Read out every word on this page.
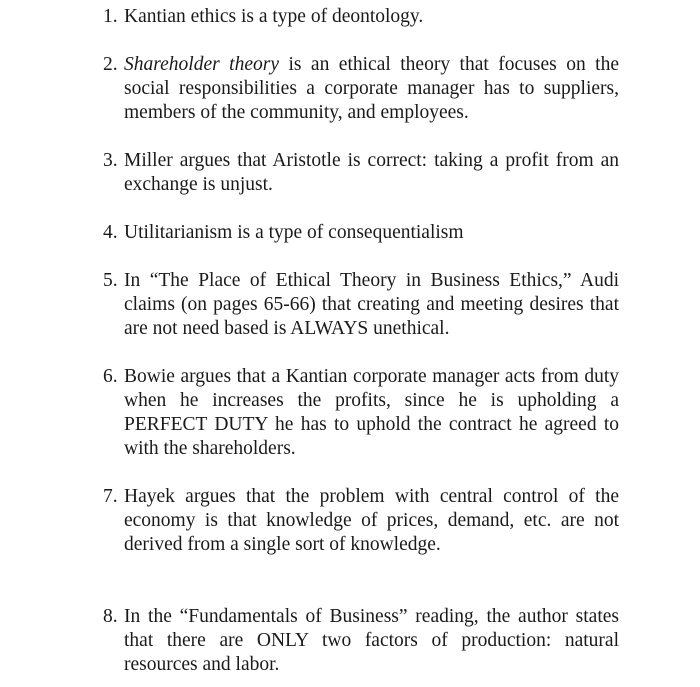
1. Kantian ethics is a type of deontology.
2. Shareholder theory is an ethical theory that focuses on the social responsibilities a corporate manager has to suppliers, members of the community, and employees.
3. Miller argues that Aristotle is correct: taking a profit from an exchange is unjust.
4. Utilitarianism is a type of consequentialism
5. In “The Place of Ethical Theory in Business Ethics,” Audi claims (on pages 65-66) that creating and meeting desires that are not need based is ALWAYS unethical.
6. Bowie argues that a Kantian corporate manager acts from duty when he increases the profits, since he is upholding a PERFECT DUTY he has to uphold the contract he agreed to with the shareholders.
7. Hayek argues that the problem with central control of the economy is that knowledge of prices, demand, etc. are not derived from a single sort of knowledge.
8. In the “Fundamentals of Business” reading, the author states that there are ONLY two factors of production: natural resources and labor.
